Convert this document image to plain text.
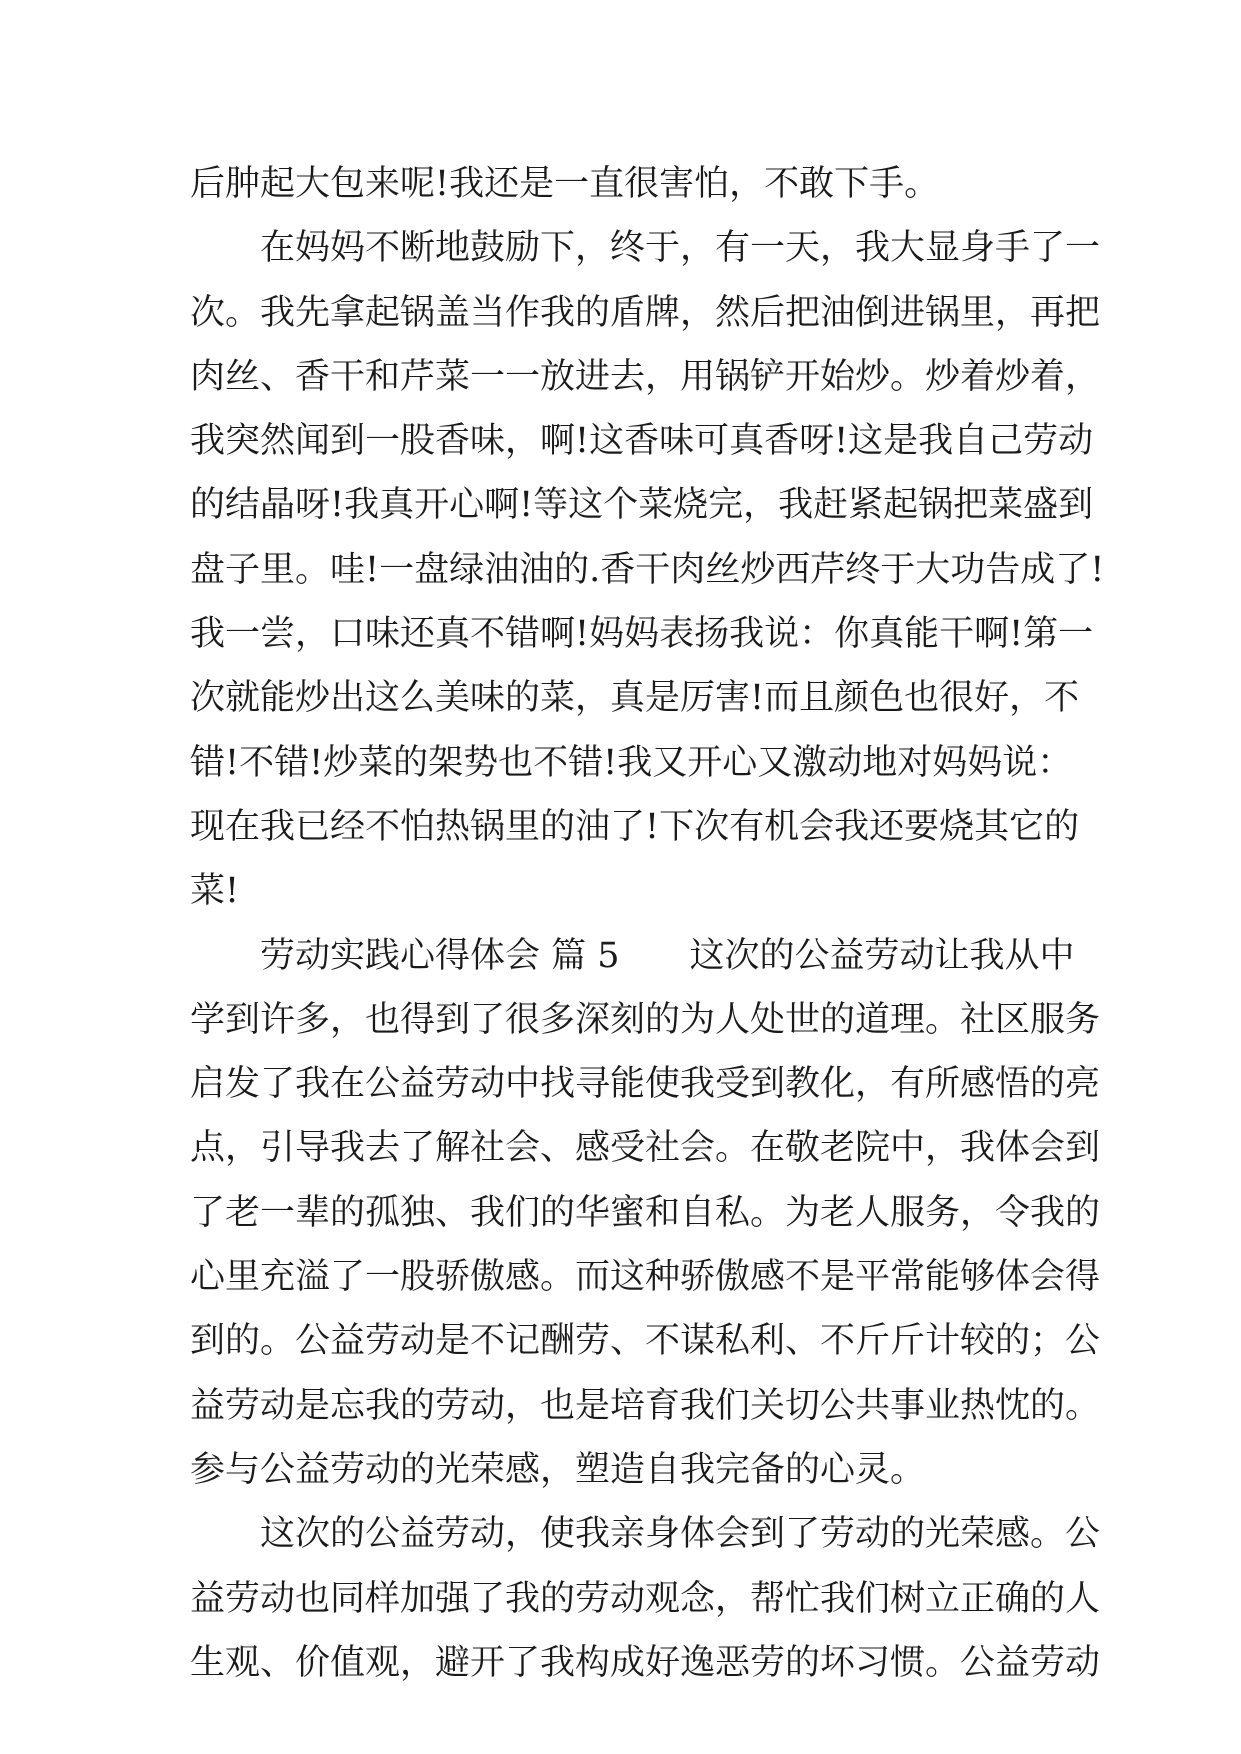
后肿起大包来呢!我还是一直很害怕，不敢下手。
在妈妈不断地鼓励下，终于，有一天，我大显身手了一
次。我先拿起锅盖当作我的盾牌，然后把油倒进锅里，再把
肉丝、香干和芹菜一一放进去，用锅铲开始炒。炒着炒着，
我突然闻到一股香味，啊!这香味可真香呀!这是我自己劳动
的结晶呀!我真开心啊!等这个菜烧完，我赶紧起锅把菜盛到
盘子里。哇!一盘绿油油的.香干肉丝炒西芹终于大功告成了!
我一尝，口味还真不错啊!妈妈表扬我说：你真能干啊!第一
次就能炒出这么美味的菜，真是厉害!而且颜色也很好，不
错!不错!炒菜的架势也不错!我又开心又激动地对妈妈说：
现在我已经不怕热锅里的油了!下次有机会我还要烧其它的
菜!
劳动实践心得体会 篇 5 这次的公益劳动让我从中
学到许多，也得到了很多深刻的为人处世的道理。社区服务
启发了我在公益劳动中找寻能使我受到教化，有所感悟的亮
点，引导我去了解社会、感受社会。在敬老院中，我体会到
了老一辈的孤独、我们的华蜜和自私。为老人服务，令我的
心里充溢了一股骄傲感。而这种骄傲感不是平常能够体会得
到的。公益劳动是不记酬劳、不谋私利、不斤斤计较的；公
益劳动是忘我的劳动，也是培育我们关切公共事业热忱的。
参与公益劳动的光荣感，塑造自我完备的心灵。
这次的公益劳动，使我亲身体会到了劳动的光荣感。公
益劳动也同样加强了我的劳动观念，帮忙我们树立正确的人
生观、价值观，避开了我构成好逸恶劳的坏习惯。公益劳动
